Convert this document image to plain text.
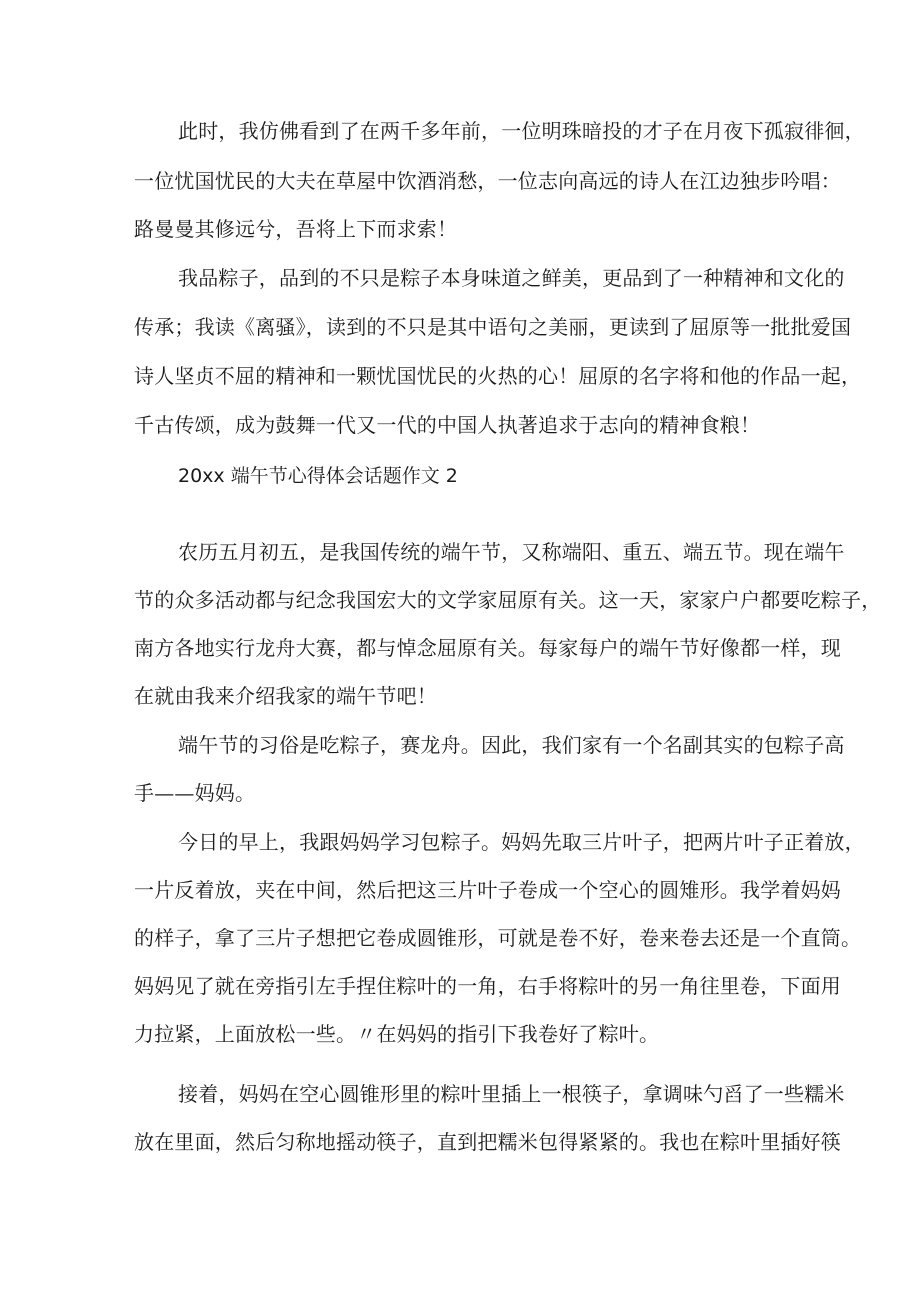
此时，我仿佛看到了在两千多年前，一位明珠暗投的才子在月夜下孤寂徘徊，
一位忧国忧民的大夫在草屋中饮酒消愁，一位志向高远的诗人在江边独步吟唱：
路曼曼其修远兮，吾将上下而求索！
我品粽子，品到的不只是粽子本身味道之鲜美，更品到了一种精神和文化的
传承；我读《离骚》，读到的不只是其中语句之美丽，更读到了屈原等一批批爱国
诗人坚贞不屈的精神和一颗忧国忧民的火热的心！屈原的名字将和他的作品一起，
千古传颂，成为鼓舞一代又一代的中国人执著追求于志向的精神食粮！
20xx 端午节心得体会话题作文 2
农历五月初五，是我国传统的端午节，又称端阳、重五、端五节。现在端午
节的众多活动都与纪念我国宏大的文学家屈原有关。这一天，家家户户都要吃粽子，
南方各地实行龙舟大赛，都与悼念屈原有关。每家每户的端午节好像都一样，现
在就由我来介绍我家的端午节吧！
端午节的习俗是吃粽子，赛龙舟。因此，我们家有一个名副其实的包粽子高
手——妈妈。
今日的早上，我跟妈妈学习包粽子。妈妈先取三片叶子，把两片叶子正着放，
一片反着放，夹在中间，然后把这三片叶子卷成一个空心的圆雉形。我学着妈妈
的样子，拿了三片子想把它卷成圆锥形，可就是卷不好，卷来卷去还是一个直筒。
妈妈见了就在旁指引左手捏住粽叶的一角，右手将粽叶的另一角往里卷，下面用
力拉紧，上面放松一些。〃在妈妈的指引下我卷好了粽叶。
接着，妈妈在空心圆锥形里的粽叶里插上一根筷子，拿调味勺舀了一些糯米
放在里面，然后匀称地摇动筷子，直到把糯米包得紧紧的。我也在粽叶里插好筷
